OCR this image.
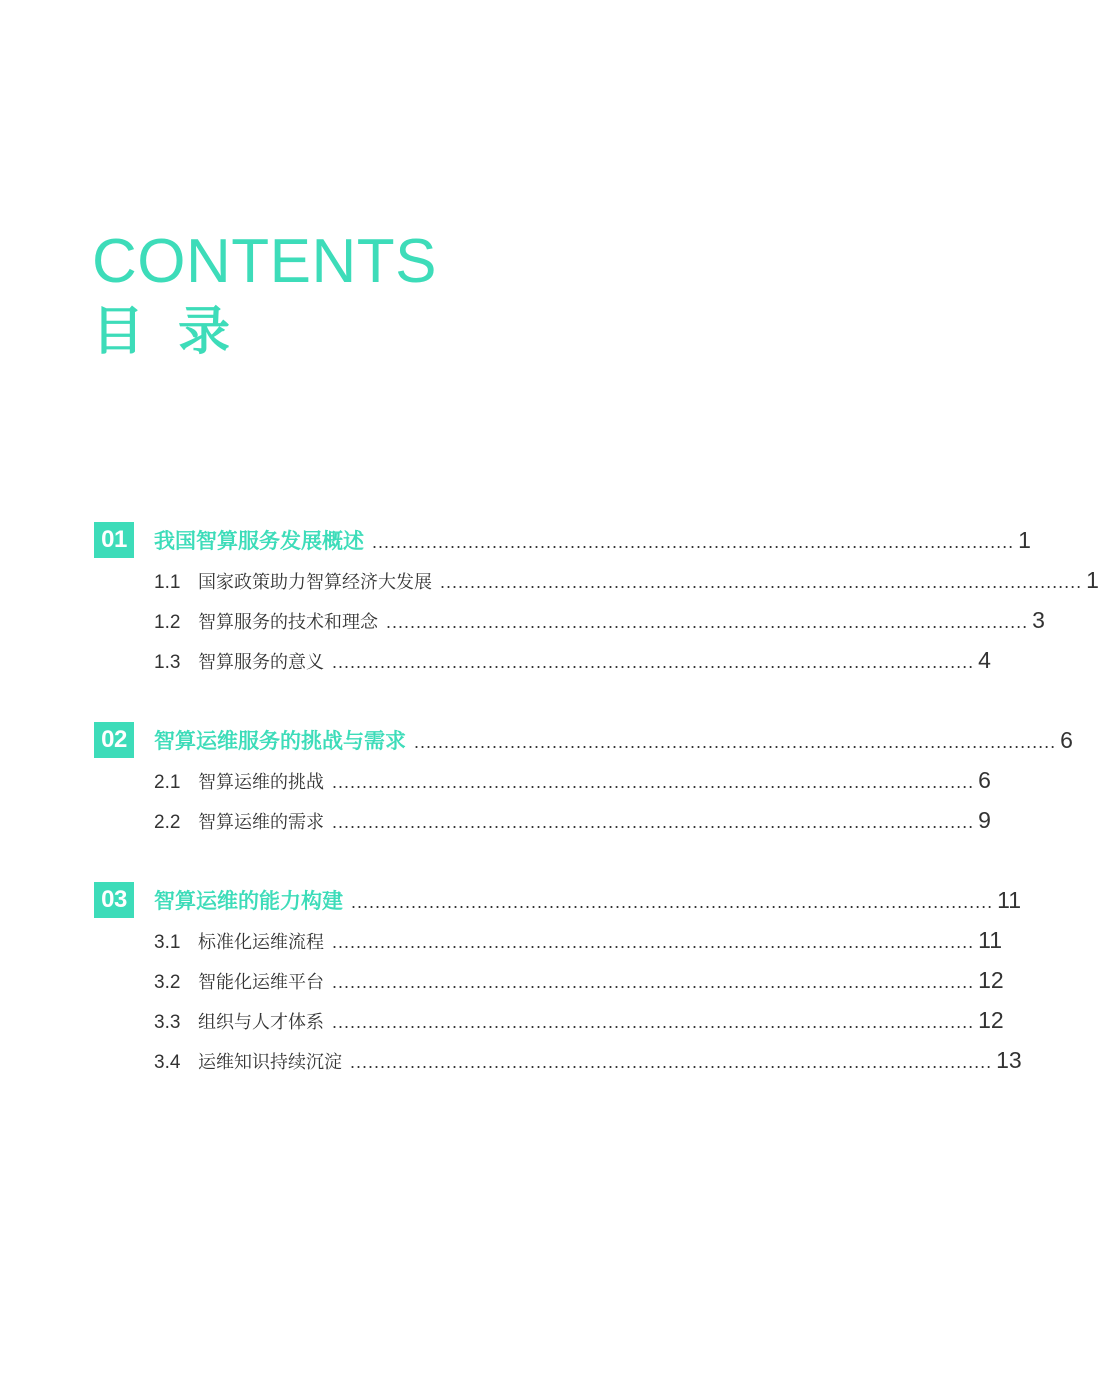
CONTENTS
目录
01	我国智算服务发展概述 ........................................................................................................... 1
1.1 国家政策助力智算经济大发展 ........................................................................................................... 1
1.2 智算服务的技术和理念 ........................................................................................................... 3
1.3 智算服务的意义 ........................................................................................................... 4
02	智算运维服务的挑战与需求 ........................................................................................................... 6
2.1 智算运维的挑战 ........................................................................................................... 6
2.2 智算运维的需求 ........................................................................................................... 9
03	智算运维的能力构建 ........................................................................................................... 11
3.1 标准化运维流程 ........................................................................................................... 11
3.2 智能化运维平台 ........................................................................................................... 12
3.3 组织与人才体系 ........................................................................................................... 12
3.4 运维知识持续沉淀 ........................................................................................................... 13
